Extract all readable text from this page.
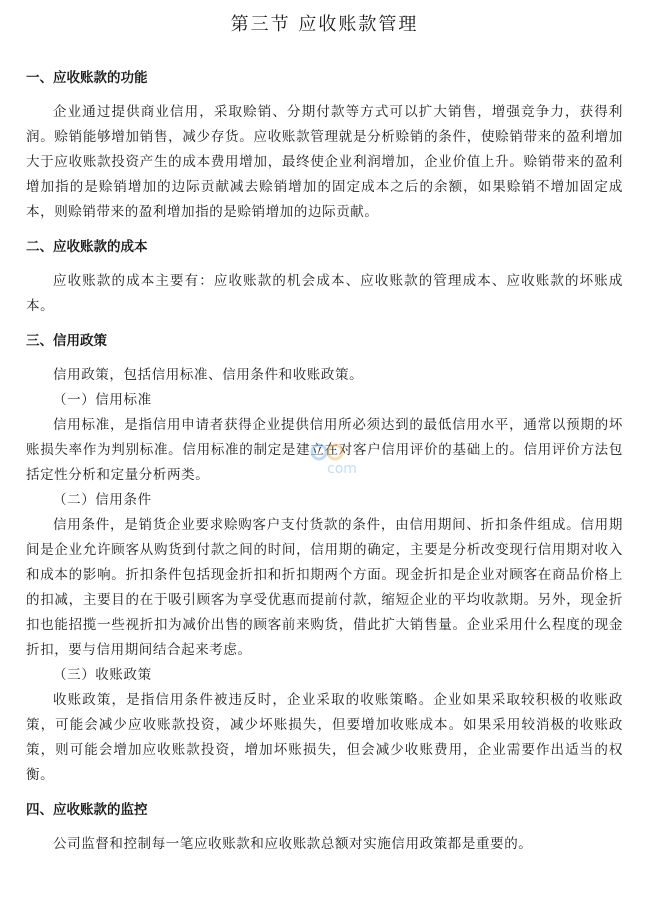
第三节 应收账款管理
一、应收账款的功能
企业通过提供商业信用，采取赊销、分期付款等方式可以扩大销售，增强竞争力，获得利润。赊销能够增加销售，减少存货。应收账款管理就是分析赊销的条件，使赊销带来的盈利增加大于应收账款投资产生的成本费用增加，最终使企业利润增加，企业价值上升。赊销带来的盈利增加指的是赊销增加的边际贡献减去赊销增加的固定成本之后的余额，如果赊销不增加固定成本，则赊销带来的盈利增加指的是赊销增加的边际贡献。
二、应收账款的成本
应收账款的成本主要有：应收账款的机会成本、应收账款的管理成本、应收账款的坏账成本。
三、信用政策
信用政策，包括信用标准、信用条件和收账政策。
（一）信用标准
信用标准，是指信用申请者获得企业提供信用所必须达到的最低信用水平，通常以预期的坏账损失率作为判别标准。信用标准的制定是建立在对客户信用评价的基础上的。信用评价方法包括定性分析和定量分析两类。
（二）信用条件
信用条件，是销货企业要求赊购客户支付货款的条件，由信用期间、折扣条件组成。信用期间是企业允许顾客从购货到付款之间的时间，信用期的确定，主要是分析改变现行信用期对收入和成本的影响。折扣条件包括现金折扣和折扣期两个方面。现金折扣是企业对顾客在商品价格上的扣减，主要目的在于吸引顾客为享受优惠而提前付款，缩短企业的平均收款期。另外，现金折扣也能招揽一些视折扣为减价出售的顾客前来购货，借此扩大销售量。企业采用什么程度的现金折扣，要与信用期间结合起来考虑。
（三）收账政策
收账政策，是指信用条件被违反时，企业采取的收账策略。企业如果采取较积极的收账政策，可能会减少应收账款投资，减少坏账损失，但要增加收账成本。如果采用较消极的收账政策，则可能会增加应收账款投资，增加坏账损失，但会减少收账费用，企业需要作出适当的权衡。
四、应收账款的监控
公司监督和控制每一笔应收账款和应收账款总额对实施信用政策都是重要的。
com
